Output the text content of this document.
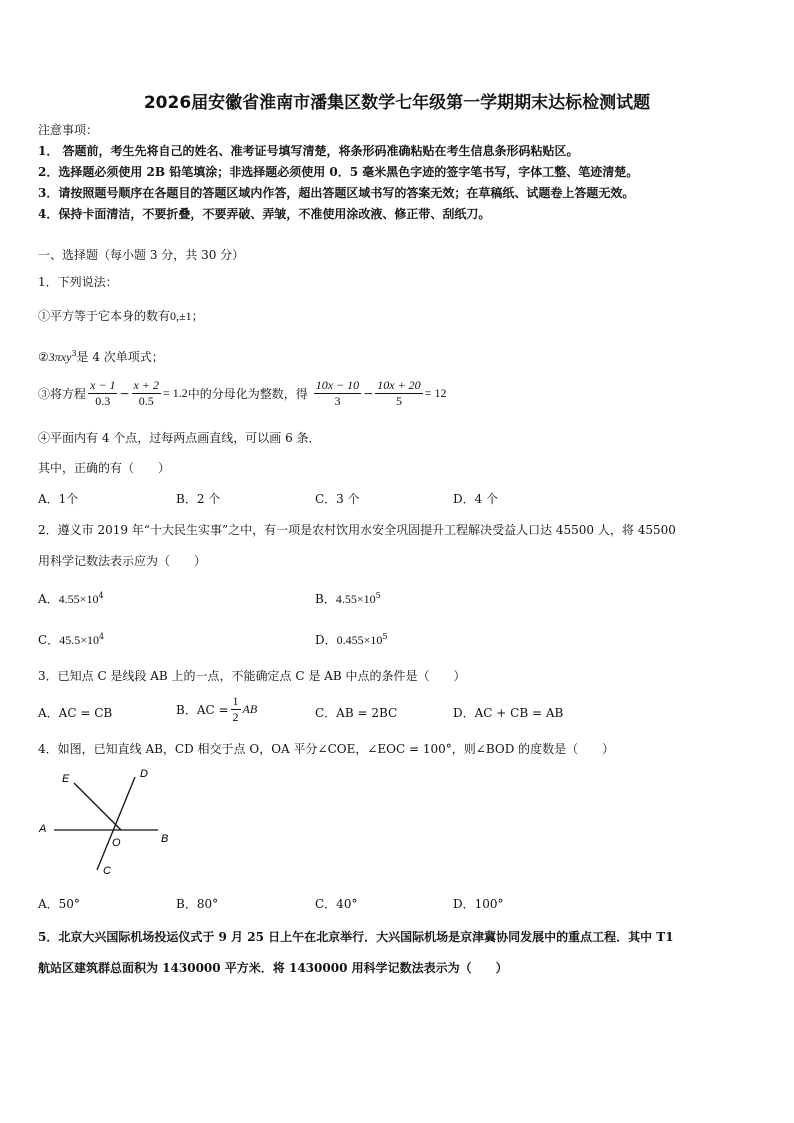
2026届安徽省淮南市潘集区数学七年级第一学期期末达标检测试题
注意事项：
1． 答题前，考生先将自己的姓名、准考证号填写清楚，将条形码准确粘贴在考生信息条形码粘贴区。
2．选择题必须使用 2B 铅笔填涂；非选择题必须使用 0．5 毫米黑色字迹的签字笔书写，字体工整、笔迹清楚。
3．请按照题号顺序在各题目的答题区域内作答，超出答题区域书写的答案无效；在草稿纸、试题卷上答题无效。
4．保持卡面清洁，不要折叠，不要弄破、弄皱，不准使用涂改液、修正带、刮纸刀。
一、选择题（每小题 3 分，共 30 分）
1．下列说法：
①平方等于它本身的数有0,±1；
②3πxy$^3$是 4 次单项式；
③将方程 $\frac{x - 1}{0.3} - \frac{x + 2}{0.5} = 1.2$中的分母化为整数，得 $\frac{10x - 10}{3} - \frac{10x + 20}{5} = 12$
④平面内有 4 个点，过每两点画直线，可以画 6 条．
其中，正确的有（　　）
A．1个	B．2 个	C．3 个	D．4 个
2．遵义市 2019 年“十大民生实事”之中，有一项是农村饮用水安全巩固提升工程解决受益人口达 45500 人，将 45500
用科学记数法表示应为（　　）
A．$4.55\times 10^4$	B．$4.55\times 10^5$
C．$45.5\times 10^4$	D．$0.455\times 10^5$
3．已知点 C 是线段 AB 上的一点，不能确定点 C 是 AB 中点的条件是（　　）
A．AC = CB	B．AC = $\frac{1}{2}$ AB	C．AB = 2BC	D．AC + CB = AB
4．如图，已知直线 AB，CD 相交于点 O，OA 平分∠COE，∠EOC = 100°，则∠BOD 的度数是（　　）
E	D
A
O	B
C
A．50°	B．80°	C．40°	D．100°
5．北京大兴国际机场投运仪式于 9 月 25 日上午在北京举行．大兴国际机场是京津冀协同发展中的重点工程．其中 T1
航站区建筑群总面积为 1430000 平方米．将 1430000 用科学记数法表示为（　　）
